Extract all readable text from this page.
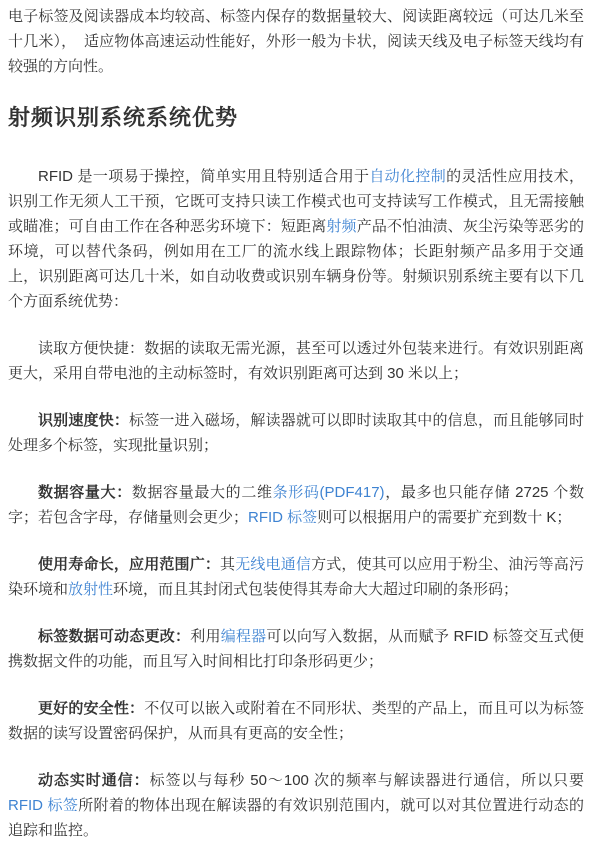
电子标签及阅读器成本均较高、标签内保存的数据量较大、阅读距离较远（可达几米至十几米），　适应物体高速运动性能好，外形一般为卡状，阅读天线及电子标签天线均有较强的方向性。

射频识别系统系统优势

RFID 是一项易于操控，简单实用且特别适合用于自动化控制的灵活性应用技术，识别工作无须人工干预，它既可支持只读工作模式也可支持读写工作模式，且无需接触或瞄准；可自由工作在各种恶劣环境下：短距离射频产品不怕油渍、灰尘污染等恶劣的环境，可以替代条码，例如用在工厂的流水线上跟踪物体；长距射频产品多用于交通上，识别距离可达几十米，如自动收费或识别车辆身份等。射频识别系统主要有以下几个方面系统优势：

读取方便快捷：数据的读取无需光源，甚至可以透过外包装来进行。有效识别距离更大，采用自带电池的主动标签时，有效识别距离可达到 30 米以上；

识别速度快：标签一进入磁场，解读器就可以即时读取其中的信息，而且能够同时处理多个标签，实现批量识别；

数据容量大：数据容量最大的二维条形码(PDF417)，最多也只能存储 2725 个数字；若包含字母，存储量则会更少；RFID 标签则可以根据用户的需要扩充到数十 K；

使用寿命长，应用范围广：其无线电通信方式，使其可以应用于粉尘、油污等高污染环境和放射性环境，而且其封闭式包装使得其寿命大大超过印刷的条形码；

标签数据可动态更改：利用编程器可以向写入数据，从而赋予 RFID 标签交互式便携数据文件的功能，而且写入时间相比打印条形码更少；

更好的安全性：不仅可以嵌入或附着在不同形状、类型的产品上，而且可以为标签数据的读写设置密码保护，从而具有更高的安全性；

动态实时通信：标签以与每秒 50～100 次的频率与解读器进行通信，所以只要 RFID 标签所附着的物体出现在解读器的有效识别范围内，就可以对其位置进行动态的追踪和监控。
